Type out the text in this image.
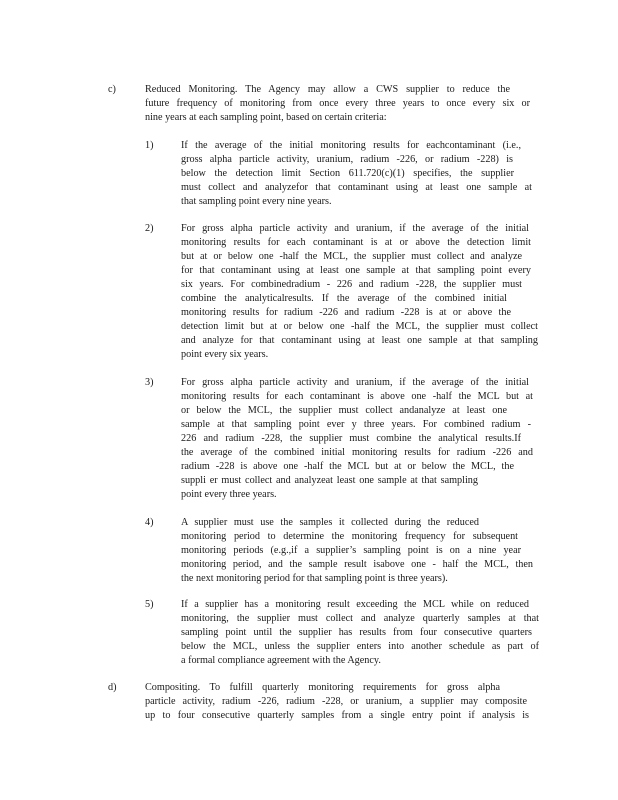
c)	Reduced Monitoring. The Agency may allow a CWS supplier to reduce the
future frequency of monitoring from once every three years to once every six or
nine years at each sampling point, based on certain criteria:
1)	If the average of the initial monitoring results for eachcontaminant (i.e.,
gross alpha particle activity, uranium, radium -226, or radium -228) is
below the detection limit Section 611.720(c)(1) specifies, the supplier
must collect and analyzefor that contaminant using at least one sample at
that sampling point every nine years.
2)	For gross alpha particle activity and uranium, if the average of the initial
monitoring results for each contaminant is at or above the detection limit
but at or below one -half the MCL, the supplier must collect and analyze
for that contaminant using at least one sample at that sampling point every
six years. For combinedradium - 226 and radium -228, the supplier must
combine the analyticalresults. If the average of the combined initial
monitoring results for radium -226 and radium -228 is at or above the
detection limit but at or below one -half the MCL, the supplier must collect
and analyze for that contaminant using at least one sample at that sampling
point every six years.
3)	For gross alpha particle activity and uranium, if the average of the initial
monitoring results for each contaminant is above one -half the MCL but at
or below the MCL, the supplier must collect andanalyze at least one
sample at that sampling point ever y three years. For combined radium -
226 and radium -228, the supplier must combine the analytical results.If
the average of the combined initial monitoring results for radium -226 and
radium -228 is above one -half the MCL but at or below the MCL, the
suppli er must collect and analyzeat least one sample at that sampling
point every three years.
4)	A supplier must use the samples it collected during the reduced
monitoring period to determine the monitoring frequency for subsequent
monitoring periods (e.g.,if a supplier’s sampling point is on a nine year
monitoring period, and the sample result isabove one - half the MCL, then
the next monitoring period for that sampling point is three years).
5)	If a supplier has a monitoring result exceeding the MCL while on reduced
monitoring, the supplier must collect and analyze quarterly samples at that
sampling point until the supplier has results from four consecutive quarters
below the MCL, unless the supplier enters into another schedule as part of
a formal compliance agreement with the Agency.
d)	Compositing. To fulfill quarterly monitoring requirements for gross alpha
particle activity, radium -226, radium -228, or uranium, a supplier may composite
up to four consecutive quarterly samples from a single entry point if analysis is
